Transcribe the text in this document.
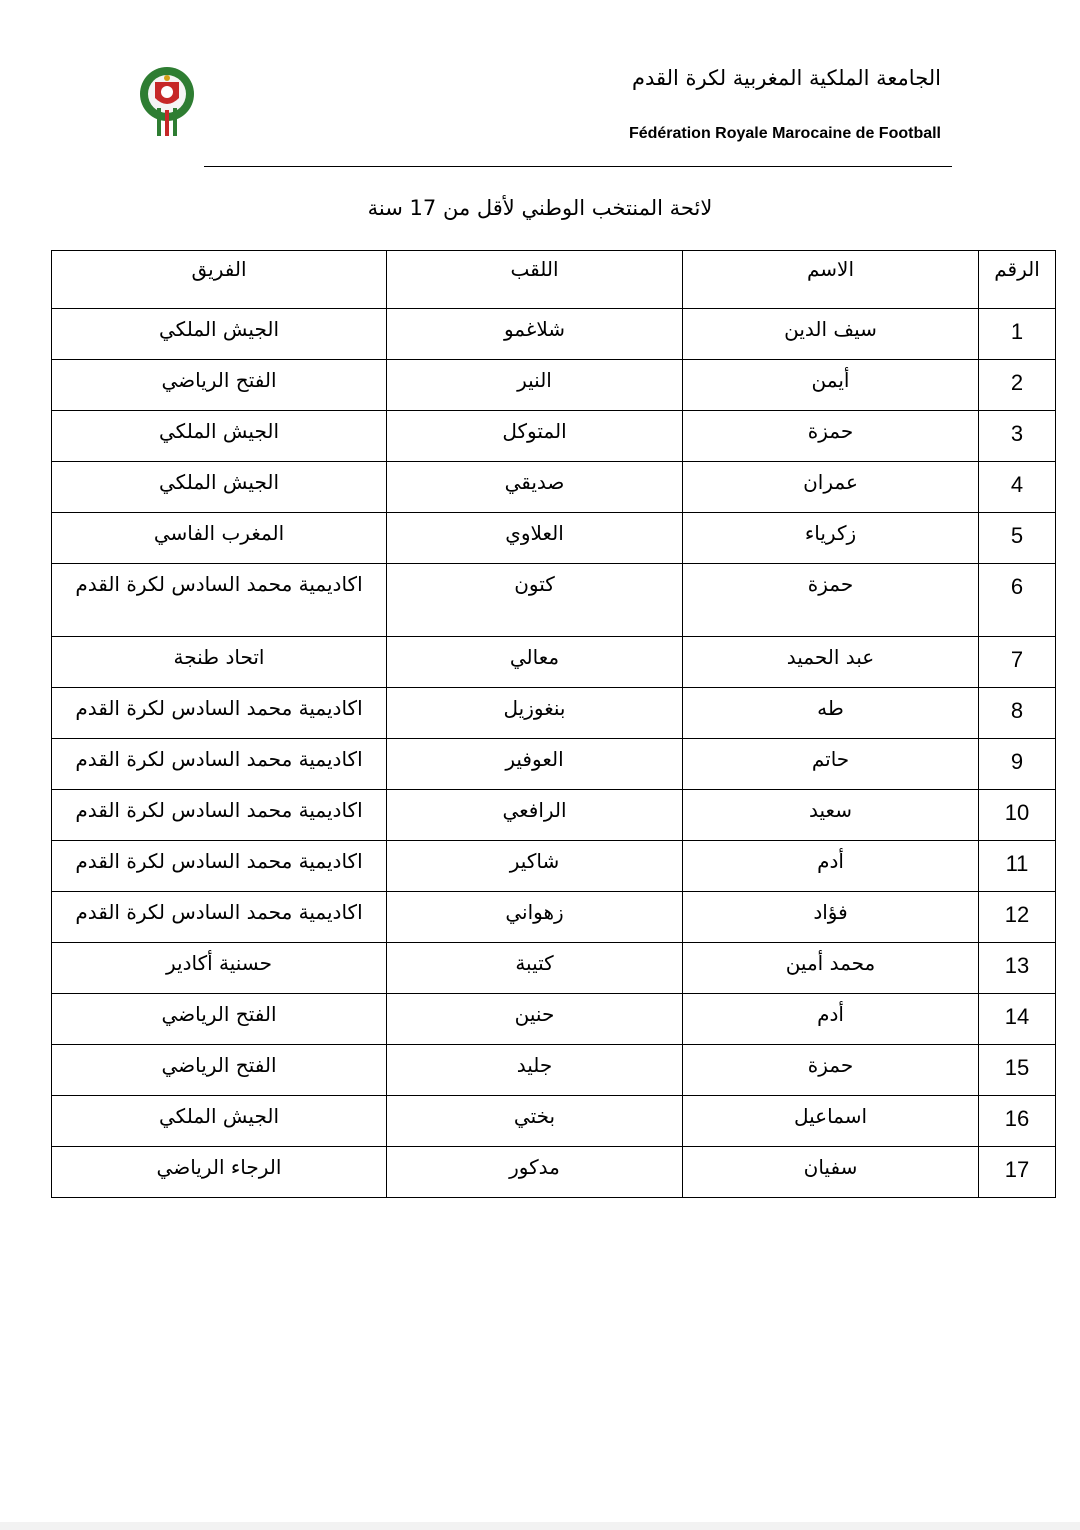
الجامعة الملكية المغربية لكرة القدم
Fédération Royale Marocaine de Football
لائحة المنتخب الوطني لأقل من 17 سنة
الرقم	الاسم	اللقب	الفريق
1	سيف الدين	شلاغمو	الجيش الملكي
2	أيمن	النير	الفتح الرياضي
3	حمزة	المتوكل	الجيش الملكي
4	عمران	صديقي	الجيش الملكي
5	زكرياء	العلاوي	المغرب الفاسي
6	حمزة	كتون	اكاديمية محمد السادس لكرة القدم
7	عبد الحميد	معالي	اتحاد طنجة
8	طه	بنغوزيل	اكاديمية محمد السادس لكرة القدم
9	حاتم	العوفير	اكاديمية محمد السادس لكرة القدم
10	سعيد	الرافعي	اكاديمية محمد السادس لكرة القدم
11	أدم	شاكير	اكاديمية محمد السادس لكرة القدم
12	فؤاد	زهواني	اكاديمية محمد السادس لكرة القدم
13	محمد أمين	كتيبة	حسنية أكادير
14	أدم	حنين	الفتح الرياضي
15	حمزة	جليد	الفتح الرياضي
16	اسماعيل	بختي	الجيش الملكي
17	سفيان	مدكور	الرجاء الرياضي
